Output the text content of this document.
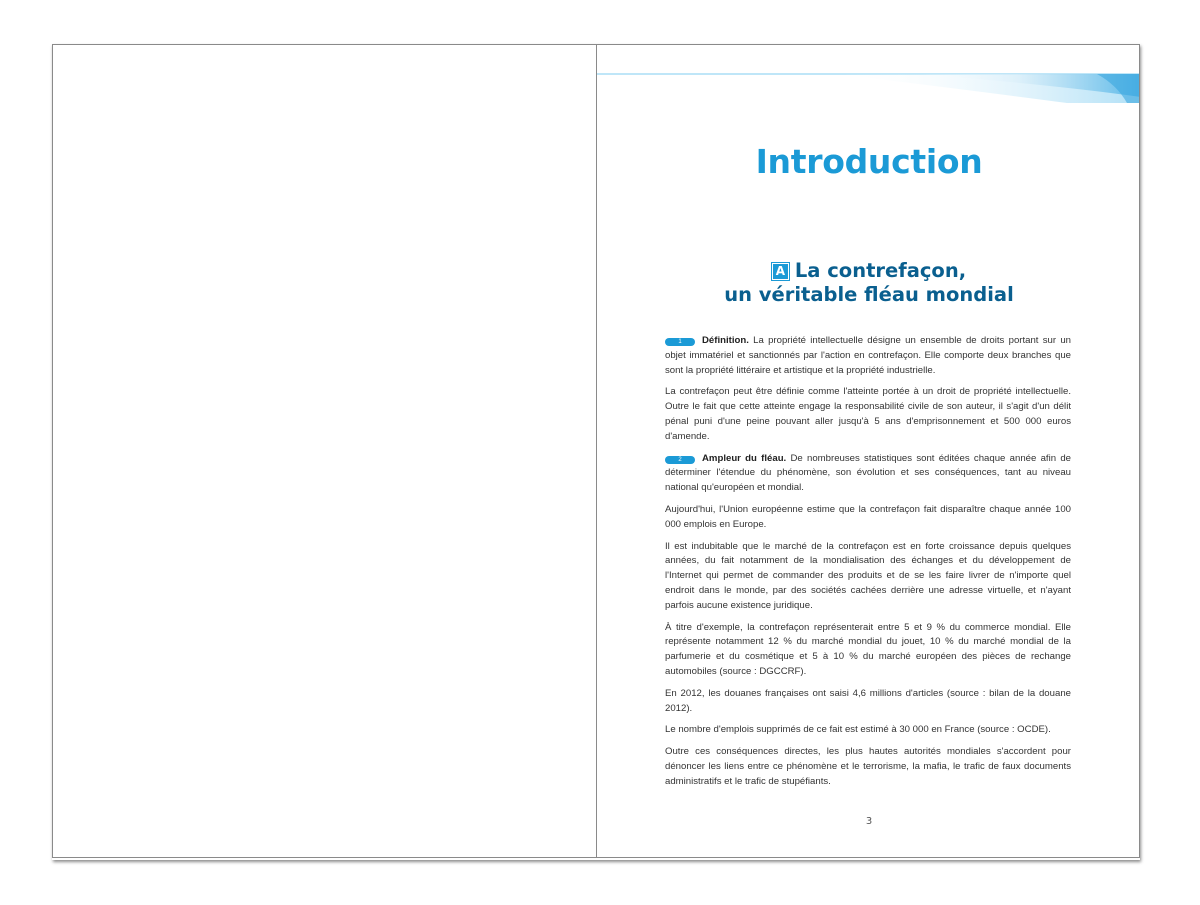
Introduction
A La contrefaçon,
un véritable fléau mondial

1 Définition. La propriété intellectuelle désigne un ensemble de droits portant sur un objet immatériel et sanctionnés par l'action en contrefaçon. Elle comporte deux branches que sont la propriété littéraire et artistique et la propriété industrielle.

La contrefaçon peut être définie comme l'atteinte portée à un droit de propriété intellectuelle. Outre le fait que cette atteinte engage la responsabilité civile de son auteur, il s'agit d'un délit pénal puni d'une peine pouvant aller jusqu'à 5 ans d'emprisonnement et 500 000 euros d'amende.

2 Ampleur du fléau. De nombreuses statistiques sont éditées chaque année afin de déterminer l'étendue du phénomène, son évolution et ses conséquences, tant au niveau national qu'européen et mondial.

Aujourd'hui, l'Union européenne estime que la contrefaçon fait disparaître chaque année 100 000 emplois en Europe.

Il est indubitable que le marché de la contrefaçon est en forte croissance depuis quelques années, du fait notamment de la mondialisation des échanges et du développement de l'Internet qui permet de commander des produits et de se les faire livrer de n'importe quel endroit dans le monde, par des sociétés cachées derrière une adresse virtuelle, et n'ayant parfois aucune existence juridique.

À titre d'exemple, la contrefaçon représenterait entre 5 et 9 % du commerce mondial. Elle représente notamment 12 % du marché mondial du jouet, 10 % du marché mondial de la parfumerie et du cosmétique et 5 à 10 % du marché européen des pièces de rechange automobiles (source : DGCCRF).

En 2012, les douanes françaises ont saisi 4,6 millions d'articles (source : bilan de la douane 2012).

Le nombre d'emplois supprimés de ce fait est estimé à 30 000 en France (source : OCDE).

Outre ces conséquences directes, les plus hautes autorités mondiales s'accordent pour dénoncer les liens entre ce phénomène et le terrorisme, la mafia, le trafic de faux documents administratifs et le trafic de stupéfiants.

3
